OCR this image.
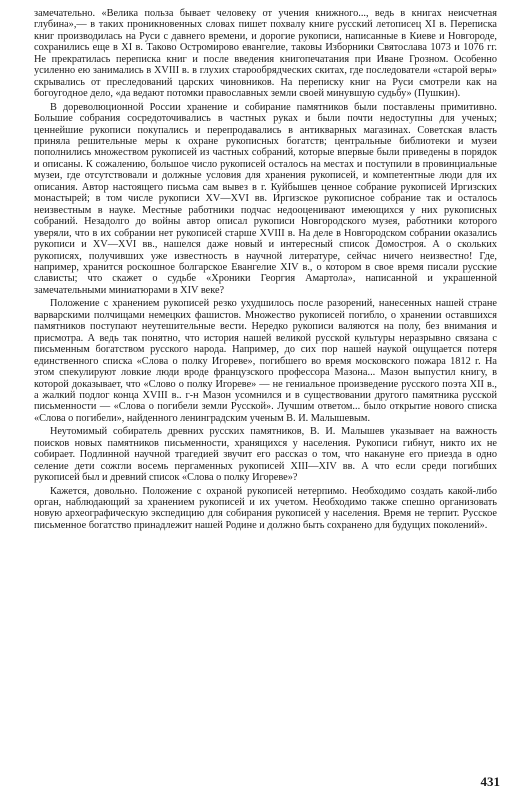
замечательно. «Велика польза бывает человеку от учения книжного..., ведь в книгах неисчетная глубина»,— в таких проникновенных словах пишет похвалу книге русский летописец XI в. Переписка книг производилась на Руси с давнего времени, и дорогие рукописи, написанные в Киеве и Новгороде, сохранились еще в XI в. Таково Остромирово евангелие, таковы Изборники Святослава 1073 и 1076 гг. Не прекратилась переписка книг и после введения книгопечатания при Иване Грозном. Особенно усиленно ею занимались в XVIII в. в глухих старообрядческих скитах, где последователи «старой веры» скрывались от преследований царских чиновников. На переписку книг на Руси смотрели как на богоугодное дело, «да ведают потомки православных земли своей минувшую судьбу» (Пушкин).

В дореволюционной России хранение и собирание памятников были поставлены примитивно. Большие собрания сосредоточивались в частных руках и были почти недоступны для ученых; ценнейшие рукописи покупались и перепродавались в антикварных магазинах. Советская власть приняла решительные меры к охране рукописных богатств; центральные библиотеки и музеи пополнились множеством рукописей из частных собраний, которые впервые были приведены в порядок и описаны. К сожалению, большое число рукописей осталось на местах и поступили в провинциальные музеи, где отсутствовали и должные условия для хранения рукописей, и компетентные люди для их описания. Автор настоящего письма сам вывез в г. Куйбышев ценное собрание рукописей Иргизских монастырей; в том числе рукописи XV—XVI вв. Иргизское рукописное собрание так и осталось неизвестным в науке. Местные работники подчас недооценивают имеющихся у них рукописных собраний. Незадолго до войны автор описал рукописи Новгородского музея, работники которого уверяли, что в их собрании нет рукописей старше XVIII в. На деле в Новгородском собрании оказались рукописи и XV—XVI вв., нашелся даже новый и интересный список Домостроя. А о скольких рукописях, получивших уже известность в научной литературе, сейчас ничего неизвестно! Где, например, хранится роскошное болгарское Евангелие XIV в., о котором в свое время писали русские слависты; что скажет о судьбе «Хроники Георгия Амартола», написанной и украшенной замечательными миниатюрами в XIV веке?

Положение с хранением рукописей резко ухудшилось после разорений, нанесенных нашей стране варварскими полчищами немецких фашистов. Множество рукописей погибло, о хранении оставшихся памятников поступают неутешительные вести. Нередко рукописи валяются на полу, без внимания и присмотра. А ведь так понятно, что история нашей великой русской культуры неразрывно связана с письменным богатством русского народа. Например, до сих пор нашей наукой ощущается потеря единственного списка «Слова о полку Игореве», погибшего во время московского пожара 1812 г. На этом спекулируют ловкие люди вроде французского профессора Мазона... Мазон выпустил книгу, в которой доказывает, что «Слово о полку Игореве» — не гениальное произведение русского поэта XII в., а жалкий подлог конца XVIII в.. г-н Мазон усомнился и в существовании другого памятника русской письменности — «Слова о погибели земли Русской». Лучшим ответом... было открытие нового списка «Слова о погибели», найденного ленинградским ученым В. И. Малышевым.

Неутомимый собиратель древних русских памятников, В. И. Малышев указывает на важность поисков новых памятников письменности, хранящихся у населения. Рукописи гибнут, никто их не собирает. Подлинной научной трагедией звучит его рассказ о том, что накануне его приезда в одно селение дети сожгли восемь пергаменных рукописей XIII—XIV вв. А что если среди погибших рукописей был и древний список «Слова о полку Игореве»?

Кажется, довольно. Положение с охраной рукописей нетерпимо. Необходимо создать какой-либо орган, наблюдающий за хранением рукописей и их учетом. Необходимо также спешно организовать новую археографическую экспедицию для собирания рукописей у населения. Время не терпит. Русское письменное богатство принадлежит нашей Родине и должно быть сохранено для будущих поколений».

431
